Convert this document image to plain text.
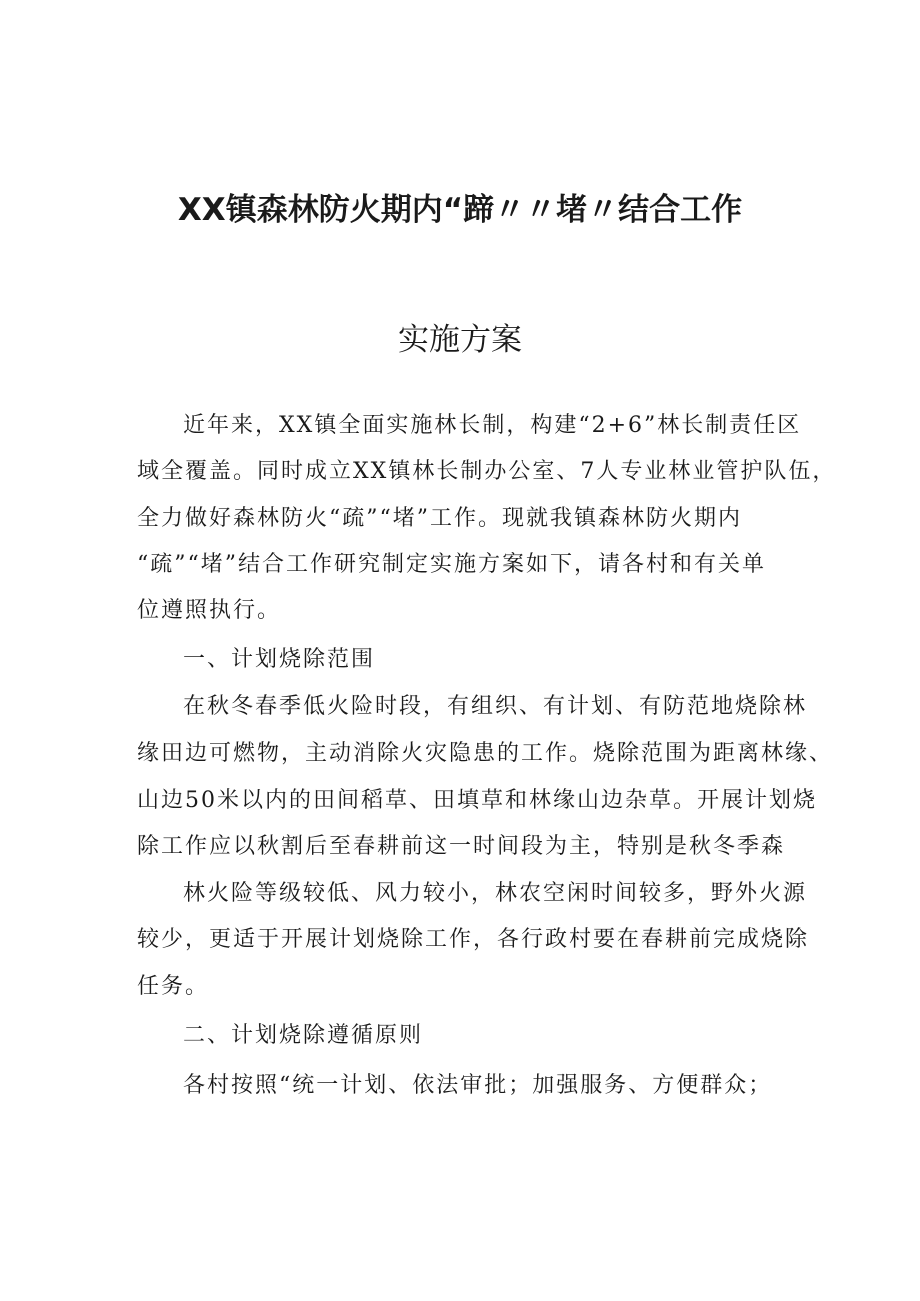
XX镇森林防火期内“蹄〃〃堵〃结合工作
实施方案
近年来，XX镇全面实施林长制，构建“2+6”林长制责任区
域全覆盖。同时成立XX镇林长制办公室、7人专业林业管护队伍，
全力做好森林防火“疏”“堵”工作。现就我镇森林防火期内
“疏”“堵”结合工作研究制定实施方案如下，请各村和有关单
位遵照执行。
一、计划烧除范围
在秋冬春季低火险时段，有组织、有计划、有防范地烧除林
缘田边可燃物，主动消除火灾隐患的工作。烧除范围为距离林缘、
山边50米以内的田间稻草、田填草和林缘山边杂草。开展计划烧
除工作应以秋割后至春耕前这一时间段为主，特别是秋冬季森
林火险等级较低、风力较小，林农空闲时间较多，野外火源
较少，更适于开展计划烧除工作，各行政村要在春耕前完成烧除
任务。
二、计划烧除遵循原则
各村按照“统一计划、依法审批；加强服务、方便群众；
